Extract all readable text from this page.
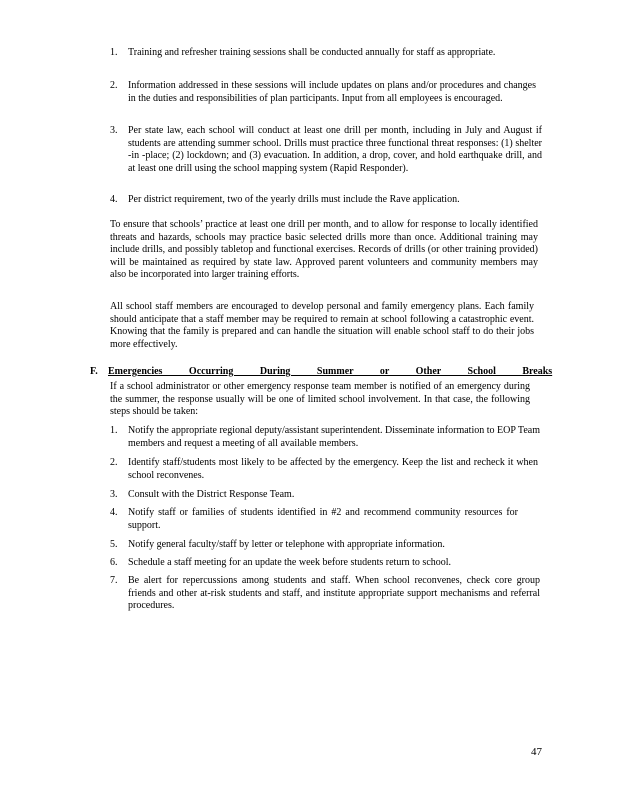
1.	Training and refresher training sessions shall be conducted annually for staff as appropriate.
2.	Information addressed in these sessions will include updates on plans and/or procedures and changes in the duties and responsibilities of plan participants. Input from all employees is encouraged.
3.	Per state law, each school will conduct at least one drill per month, including in July and August if students are attending summer school. Drills must practice three functional threat responses: (1) shelter -in -place; (2) lockdown; and (3) evacuation. In addition, a drop, cover, and hold earthquake drill, and at least one drill using the school mapping system (Rapid Responder).
4.	Per district requirement, two of the yearly drills must include the Rave application.

To ensure that schools’ practice at least one drill per month, and to allow for response to locally identified threats and hazards, schools may practice basic selected drills more than once. Additional training may include drills, and possibly tabletop and functional exercises. Records of drills (or other training provided) will be maintained as required by state law. Approved parent volunteers and community members may also be incorporated into larger training efforts.

All school staff members are encouraged to develop personal and family emergency plans. Each family should anticipate that a staff member may be required to remain at school following a catastrophic event. Knowing that the family is prepared and can handle the situation will enable school staff to do their jobs more effectively.

F. Emergencies Occurring During Summer or Other School Breaks

If a school administrator or other emergency response team member is notified of an emergency during the summer, the response usually will be one of limited school involvement. In that case, the following steps should be taken:

1.	Notify the appropriate regional deputy/assistant superintendent. Disseminate information to EOP Team members and request a meeting of all available members.
2.	Identify staff/students most likely to be affected by the emergency. Keep the list and recheck it when school reconvenes.
3.	Consult with the District Response Team.
4.	Notify staff or families of students identified in #2 and recommend community resources for support.
5.	Notify general faculty/staff by letter or telephone with appropriate information.
6.	Schedule a staff meeting for an update the week before students return to school.
7.	Be alert for repercussions among students and staff. When school reconvenes, check core group friends and other at-risk students and staff, and institute appropriate support mechanisms and referral procedures.
47
